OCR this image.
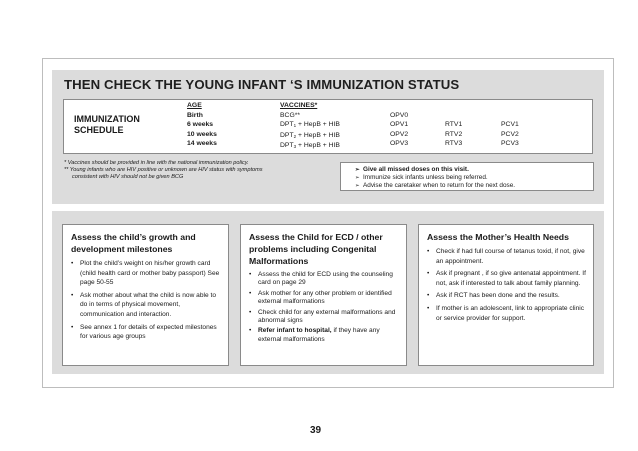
THEN CHECK THE YOUNG INFANT ‘S IMMUNIZATION STATUS
IMMUNIZATION
SCHEDULE
AGE
Birth
6 weeks
10 weeks
14 weeks
VACCINES*
BCG**
$DPT_1$ + HepB + HIB
$DPT_2$ + HepB + HIB
$DPT_3$ + HepB + HIB
OPV0
OPV1
OPV2
OPV3
RTV1
RTV2
RTV3
PCV1
PCV2
PCV3
* Vaccines should be provided in line with the national immunization policy.
** Young infants who are HIV positive or unknown are HIV status with symptoms
consistent with HIV should not be given BCG
➢ Give all missed doses on this visit.
➢ Immunize sick infants unless being referred.
➢ Advise the caretaker when to return for the next dose.
Assess the child’s growth and development milestones
• Plot the child’s weight on his/her growth card (child health card or mother baby passport) See page 50-55
• Ask mother about what the child is now able to do in terms of physical movement, communication and interaction.
• See annex 1 for details of expected milestones for various age groups
Assess the Child for ECD / other problems including Congenital Malformations
• Assess the child for ECD using the counseling card on page 29
• Ask mother for any other problem or identified external malformations
• Check child for any external malformations and abnormal signs
• Refer infant to hospital, if they have any external malformations
Assess the Mother’s Health Needs
• Check if had full course of tetanus toxid, if not, give an appointment.
• Ask if pregnant , if so give antenatal appointment. If not, ask if interested to talk about family planning.
• Ask if RCT has been done and the results.
• If mother is an adolescent, link to appropriate clinic or service provider for support.
39
